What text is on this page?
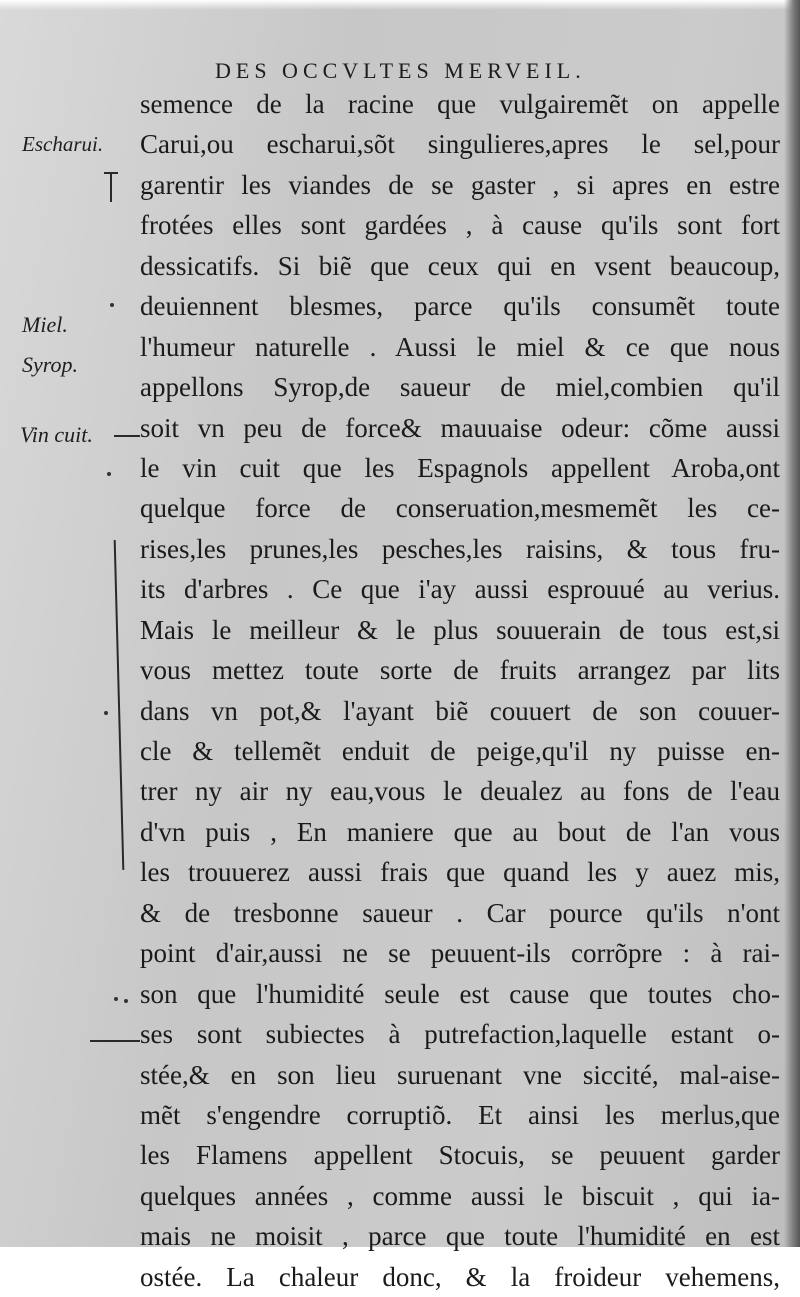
DES OCCVLTES MERVEIL.
Escharui.
Miel.
Syrop.
Vin cuit.
semence de la racine que vulgairemẽt on appelle
Carui,ou escharui,sõt singulieres,apres le sel,pour
garentir les viandes de se gaster , si apres en estre
frotées elles sont gardées , à cause qu'ils sont fort
dessicatifs. Si biẽ que ceux qui en vsent beaucoup,
deuiennent blesmes, parce qu'ils consumẽt toute
l'humeur naturelle . Aussi le miel & ce que nous
appellons Syrop,de saueur de miel,combien qu'il
soit vn peu de force& mauuaise odeur: cõme aussi
le vin cuit que les Espagnols appellent Aroba,ont
quelque force de conseruation,mesmemẽt les ce-
rises,les prunes,les pesches,les raisins, & tous fru-
its d'arbres . Ce que i'ay aussi esprouué au verius.
Mais le meilleur & le plus souuerain de tous est,si
vous mettez toute sorte de fruits arrangez par lits
dans vn pot,& l'ayant biẽ couuert de son couuer-
cle & tellemẽt enduit de peige,qu'il ny puisse en-
trer ny air ny eau,vous le deualez au fons de l'eau
d'vn puis , En maniere que au bout de l'an vous
les trouuerez aussi frais que quand les y auez mis,
& de tresbonne saueur . Car pource qu'ils n'ont
point d'air,aussi ne se peuuent-ils corrõpre : à rai-
son que l'humidité seule est cause que toutes cho-
ses sont subiectes à putrefaction,laquelle estant o-
stée,& en son lieu suruenant vne siccité, mal-aise-
mẽt s'engendre corruptiõ. Et ainsi les merlus,que
les Flamens appellent Stocuis, se peuuent garder
quelques années , comme aussi le biscuit , qui ia-
mais ne moisit , parce que toute l'humidité en est
ostée. La chaleur donc, & la froideur vehemens,
